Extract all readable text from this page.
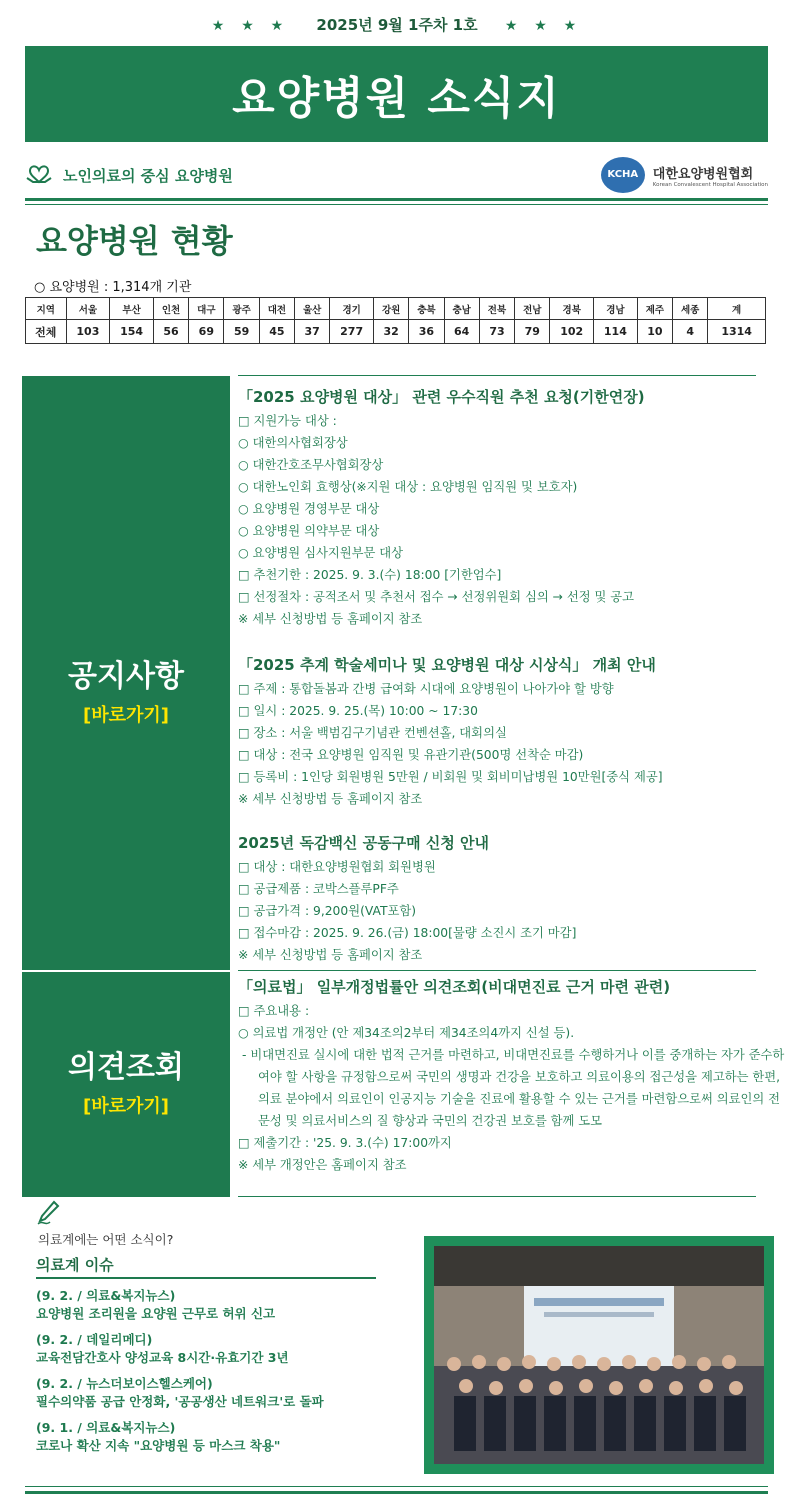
★ ★ ★ 2025년 9월 1주차 1호 ★ ★ ★
요양병원 소식지
노인의료의 중심 요양병원	KCHA	대한요양병원협회
Korean Convalescent Hospital Association
요양병원 현황
○ 요양병원 : 1,314개 기관
지역	서울	부산	인천	대구	광주	대전	울산	경기	강원	충북	충남	전북	전남	경북	경남	제주	세종	계
전체	103	154	56	69	59	45	37	277	32	36	64	73	79	102	114	10	4	1314
공지사항
[바로가기]
의견조회
[바로가기]
「2025 요양병원 대상」 관련 우수직원 추천 요청(기한연장)
□ 지원가능 대상 :
○ 대한의사협회장상
○ 대한간호조무사협회장상
○ 대한노인회 효행상(※지원 대상 : 요양병원 임직원 및 보호자)
○ 요양병원 경영부문 대상
○ 요양병원 의약부문 대상
○ 요양병원 심사지원부문 대상
□ 추천기한 : 2025. 9. 3.(수) 18:00 [기한엄수]
□ 선정절차 : 공적조서 및 추천서 접수 → 선정위원회 심의 → 선정 및 공고
※ 세부 신청방법 등 홈페이지 참조
「2025 추계 학술세미나 및 요양병원 대상 시상식」 개최 안내
□ 주제 : 통합돌봄과 간병 급여화 시대에 요양병원이 나아가야 할 방향
□ 일시 : 2025. 9. 25.(목) 10:00 ~ 17:30
□ 장소 : 서울 백범김구기념관 컨벤션홀, 대회의실
□ 대상 : 전국 요양병원 임직원 및 유관기관(500명 선착순 마감)
□ 등록비 : 1인당 회원병원 5만원 / 비회원 및 회비미납병원 10만원[중식 제공]
※ 세부 신청방법 등 홈페이지 참조
2025년 독감백신 공동구매 신청 안내
□ 대상 : 대한요양병원협회 회원병원
□ 공급제품 : 코박스플루PF주
□ 공급가격 : 9,200원(VAT포함)
□ 접수마감 : 2025. 9. 26.(금) 18:00[물량 소진시 조기 마감]
※ 세부 신청방법 등 홈페이지 참조
「의료법」 일부개정법률안 의견조회(비대면진료 근거 마련 관련)
□ 주요내용 :
○ 의료법 개정안 (안 제34조의2부터 제34조의4까지 신설 등).
- 비대면진료 실시에 대한 법적 근거를 마련하고, 비대면진료를 수행하거나 이를 중개하는 자가 준수하여야 할 사항을 규정함으로써 국민의 생명과 건강을 보호하고 의료이용의 접근성을 제고하는 한편, 의료 분야에서 의료인이 인공지능 기술을 진료에 활용할 수 있는 근거를 마련함으로써 의료인의 전문성 및 의료서비스의 질 향상과 국민의 건강권 보호를 함께 도모
□ 제출기간 : '25. 9. 3.(수) 17:00까지
※ 세부 개정안은 홈페이지 참조
의료계에는 어떤 소식이?
의료계 이슈
(9. 2. / 의료&복지뉴스)
요양병원 조리원을 요양원 근무로 허위 신고
(9. 2. / 데일리메디)
교육전담간호사 양성교육 8시간·유효기간 3년
(9. 2. / 뉴스더보이스헬스케어)
필수의약품 공급 안정화, '공공생산 네트워크'로 돌파
(9. 1. / 의료&복지뉴스)
코로나 확산 지속 "요양병원 등 마스크 착용"
